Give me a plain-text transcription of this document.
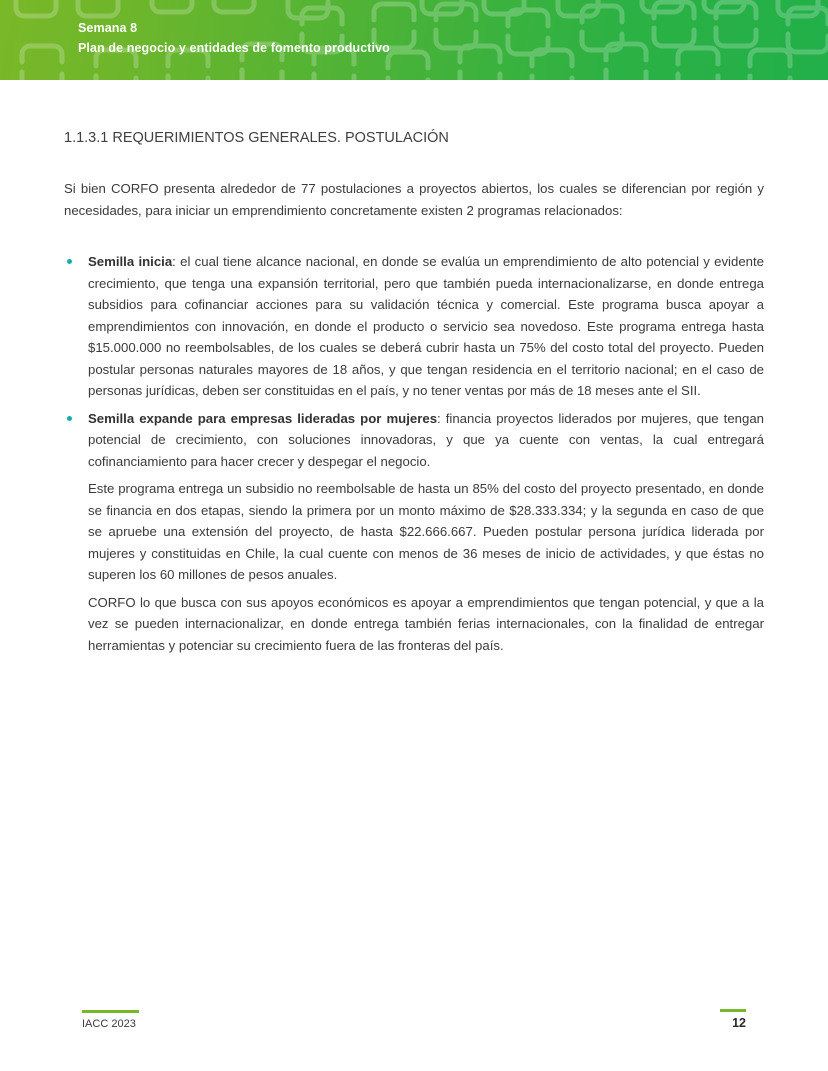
Semana 8
Plan de negocio y entidades de fomento productivo
1.1.3.1 REQUERIMIENTOS GENERALES. POSTULACIÓN

Si bien CORFO presenta alrededor de 77 postulaciones a proyectos abiertos, los cuales se diferencian por región y necesidades, para iniciar un emprendimiento concretamente existen 2 programas relacionados:

Semilla inicia: el cual tiene alcance nacional, en donde se evalúa un emprendimiento de alto potencial y evidente crecimiento, que tenga una expansión territorial, pero que también pueda internacionalizarse, en donde entrega subsidios para cofinanciar acciones para su validación técnica y comercial. Este programa busca apoyar a emprendimientos con innovación, en donde el producto o servicio sea novedoso. Este programa entrega hasta $15.000.000 no reembolsables, de los cuales se deberá cubrir hasta un 75% del costo total del proyecto. Pueden postular personas naturales mayores de 18 años, y que tengan residencia en el territorio nacional; en el caso de personas jurídicas, deben ser constituidas en el país, y no tener ventas por más de 18 meses ante el SII.

Semilla expande para empresas lideradas por mujeres: financia proyectos liderados por mujeres, que tengan potencial de crecimiento, con soluciones innovadoras, y que ya cuente con ventas, la cual entregará cofinanciamiento para hacer crecer y despegar el negocio.

Este programa entrega un subsidio no reembolsable de hasta un 85% del costo del proyecto presentado, en donde se financia en dos etapas, siendo la primera por un monto máximo de $28.333.334; y la segunda en caso de que se apruebe una extensión del proyecto, de hasta $22.666.667. Pueden postular persona jurídica liderada por mujeres y constituidas en Chile, la cual cuente con menos de 36 meses de inicio de actividades, y que éstas no superen los 60 millones de pesos anuales.

CORFO lo que busca con sus apoyos económicos es apoyar a emprendimientos que tengan potencial, y que a la vez se pueden internacionalizar, en donde entrega también ferias internacionales, con la finalidad de entregar herramientas y potenciar su crecimiento fuera de las fronteras del país.

IACC 2023	12
